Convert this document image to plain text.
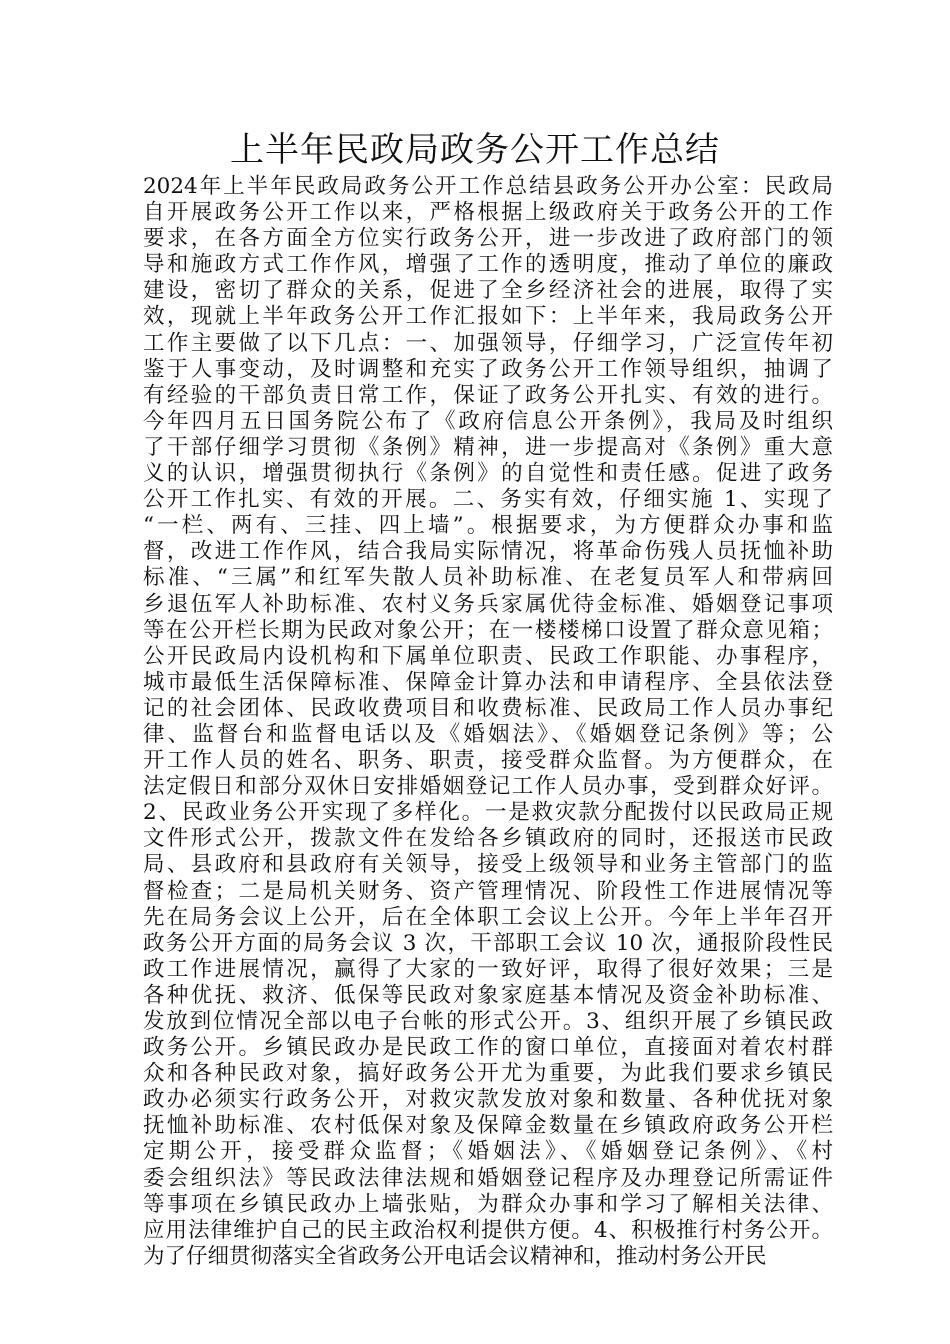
上半年民政局政务公开工作总结
2024年上半年民政局政务公开工作总结县政务公开办公室：民政局
自开展政务公开工作以来，严格根据上级政府关于政务公开的工作
要求，在各方面全方位实行政务公开，进一步改进了政府部门的领
导和施政方式工作作风，增强了工作的透明度，推动了单位的廉政
建设，密切了群众的关系，促进了全乡经济社会的进展，取得了实
效，现就上半年政务公开工作汇报如下：上半年来，我局政务公开
工作主要做了以下几点：一、加强领导，仔细学习，广泛宣传年初
鉴于人事变动，及时调整和充实了政务公开工作领导组织，抽调了
有经验的干部负责日常工作，保证了政务公开扎实、有效的进行。
今年四月五日国务院公布了《政府信息公开条例》，我局及时组织
了干部仔细学习贯彻《条例》精神，进一步提高对《条例》重大意
义的认识，增强贯彻执行《条例》的自觉性和责任感。促进了政务
公开工作扎实、有效的开展。二、务实有效，仔细实施 1、实现了
“一栏、两有、三挂、四上墙”。根据要求，为方便群众办事和监
督，改进工作作风，结合我局实际情况，将革命伤残人员抚恤补助
标准、“三属”和红军失散人员补助标准、在老复员军人和带病回
乡退伍军人补助标准、农村义务兵家属优待金标准、婚姻登记事项
等在公开栏长期为民政对象公开；在一楼楼梯口设置了群众意见箱；
公开民政局内设机构和下属单位职责、民政工作职能、办事程序，
城市最低生活保障标准、保障金计算办法和申请程序、全县依法登
记的社会团体、民政收费项目和收费标准、民政局工作人员办事纪
律、监督台和监督电话以及《婚姻法》、《婚姻登记条例》等；公
开工作人员的姓名、职务、职责，接受群众监督。为方便群众，在
法定假日和部分双休日安排婚姻登记工作人员办事，受到群众好评。
2、民政业务公开实现了多样化。一是救灾款分配拨付以民政局正规
文件形式公开，拨款文件在发给各乡镇政府的同时，还报送市民政
局、县政府和县政府有关领导，接受上级领导和业务主管部门的监
督检查；二是局机关财务、资产管理情况、阶段性工作进展情况等
先在局务会议上公开，后在全体职工会议上公开。今年上半年召开
政务公开方面的局务会议 3 次，干部职工会议 10 次，通报阶段性民
政工作进展情况，赢得了大家的一致好评，取得了很好效果；三是
各种优抚、救济、低保等民政对象家庭基本情况及资金补助标准、
发放到位情况全部以电子台帐的形式公开。3、组织开展了乡镇民政
政务公开。乡镇民政办是民政工作的窗口单位，直接面对着农村群
众和各种民政对象，搞好政务公开尤为重要，为此我们要求乡镇民
政办必须实行政务公开，对救灾款发放对象和数量、各种优抚对象
抚恤补助标准、农村低保对象及保障金数量在乡镇政府政务公开栏
定期公开，接受群众监督；《婚姻法》、《婚姻登记条例》、《村
委会组织法》等民政法律法规和婚姻登记程序及办理登记所需证件
等事项在乡镇民政办上墙张贴，为群众办事和学习了解相关法律、
应用法律维护自己的民主政治权利提供方便。4、积极推行村务公开。
为了仔细贯彻落实全省政务公开电话会议精神和，推动村务公开民
